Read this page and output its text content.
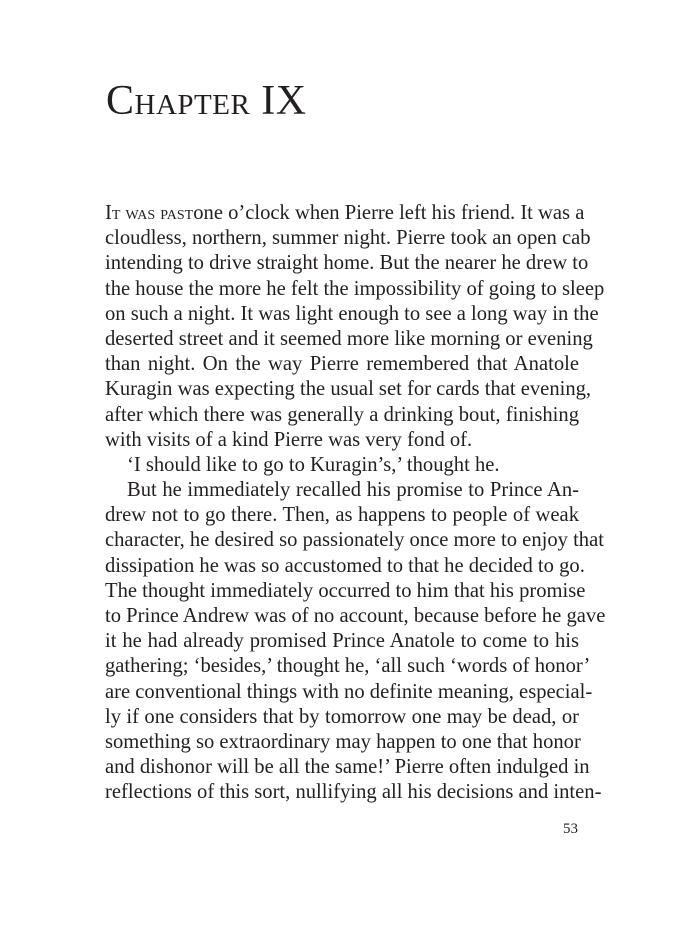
Chapter IX
It was past one o’clock when Pierre left his friend. It was a
cloudless, northern, summer night. Pierre took an open cab
intending to drive straight home. But the nearer he drew to
the house the more he felt the impossibility of going to sleep
on such a night. It was light enough to see a long way in the
deserted street and it seemed more like morning or evening
than night. On the way Pierre remembered that Anatole
Kuragin was expecting the usual set for cards that evening,
after which there was generally a drinking bout, finishing
with visits of a kind Pierre was very fond of.
‘I should like to go to Kuragin’s,’ thought he.
But he immediately recalled his promise to Prince An-
drew not to go there. Then, as happens to people of weak
character, he desired so passionately once more to enjoy that
dissipation he was so accustomed to that he decided to go.
The thought immediately occurred to him that his promise
to Prince Andrew was of no account, because before he gave
it he had already promised Prince Anatole to come to his
gathering; ‘besides,’ thought he, ‘all such ‘words of honor’
are conventional things with no definite meaning, especial-
ly if one considers that by tomorrow one may be dead, or
something so extraordinary may happen to one that honor
and dishonor will be all the same!’ Pierre often indulged in
reflections of this sort, nullifying all his decisions and inten-
53
